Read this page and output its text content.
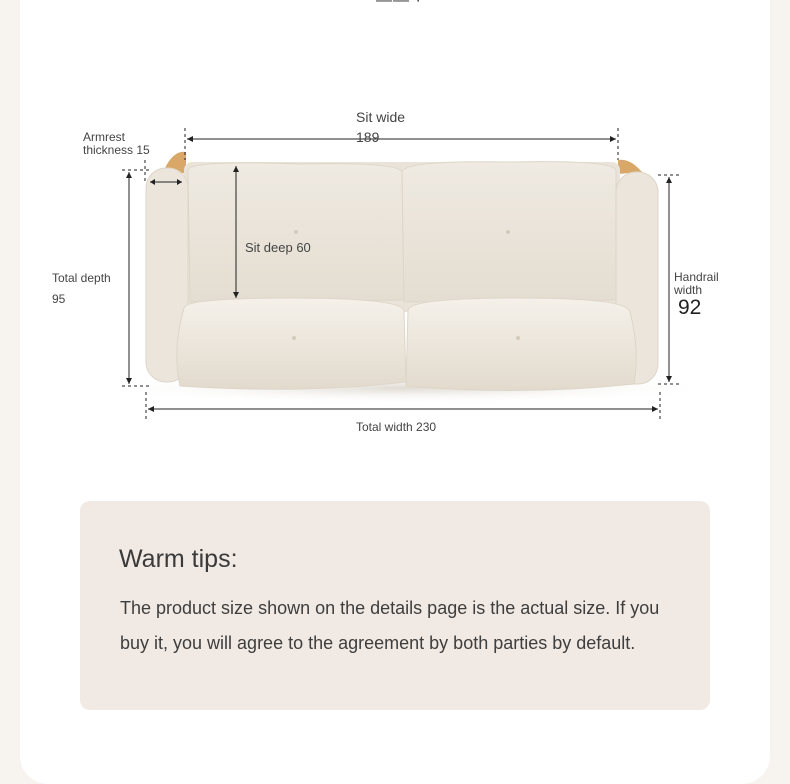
—— ·
Armrest
thickness 15
Sit wide
189
Sit deep 60
Total depth
95
Handrail
width
92
Total width 230
Warm tips:
The product size shown on the details page is the actual size. If you buy it, you will agree to the agreement by both parties by default.
